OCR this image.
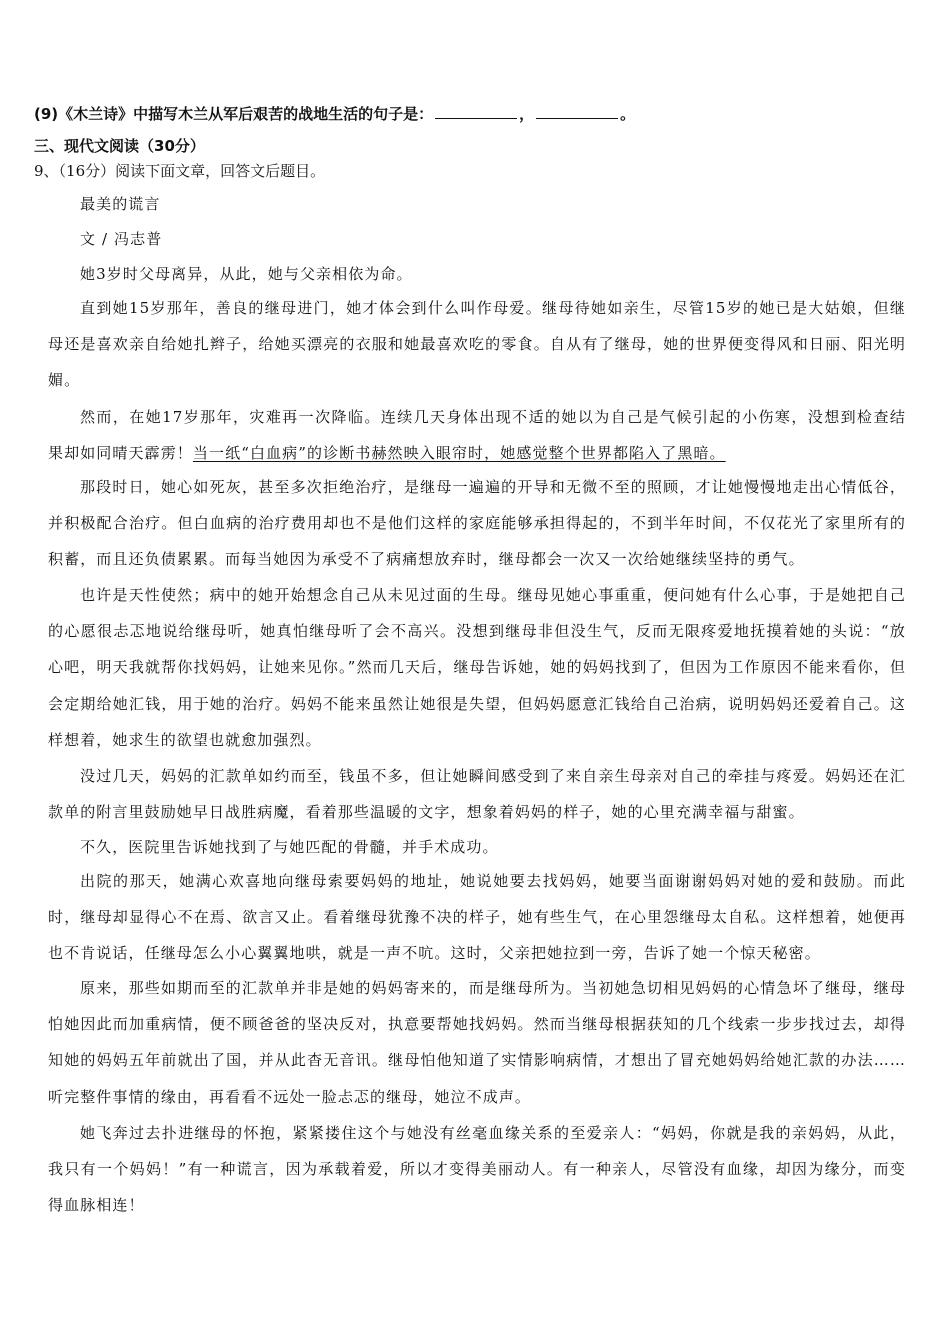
(9)《木兰诗》中描写木兰从军后艰苦的战地生活的句子是：	，	。
三、现代文阅读（30分）
9、（16分）阅读下面文章，回答文后题目。
最美的谎言
文 / 冯志普
她3岁时父母离异，从此，她与父亲相依为命。
直到她15岁那年，善良的继母进门，她才体会到什么叫作母爱。继母待她如亲生，尽管15岁的她已是大姑娘，但继母还是喜欢亲自给她扎辫子，给她买漂亮的衣服和她最喜欢吃的零食。自从有了继母，她的世界便变得风和日丽、阳光明媚。
然而，在她17岁那年，灾难再一次降临。连续几天身体出现不适的她以为自己是气候引起的小伤寒，没想到检查结果却如同晴天霹雳！当一纸“白血病”的诊断书赫然映入眼帘时，她感觉整个世界都陷入了黑暗。
那段时日，她心如死灰，甚至多次拒绝治疗，是继母一遍遍的开导和无微不至的照顾，才让她慢慢地走出心情低谷，并积极配合治疗。但白血病的治疗费用却也不是他们这样的家庭能够承担得起的，不到半年时间，不仅花光了家里所有的积蓄，而且还负债累累。而每当她因为承受不了病痛想放弃时，继母都会一次又一次给她继续坚持的勇气。
也许是天性使然；病中的她开始想念自己从未见过面的生母。继母见她心事重重，便问她有什么心事，于是她把自己的心愿很忐忑地说给继母听，她真怕继母听了会不高兴。没想到继母非但没生气，反而无限疼爱地抚摸着她的头说：“放心吧，明天我就帮你找妈妈，让她来见你。”然而几天后，继母告诉她，她的妈妈找到了，但因为工作原因不能来看你，但会定期给她汇钱，用于她的治疗。妈妈不能来虽然让她很是失望，但妈妈愿意汇钱给自己治病，说明妈妈还爱着自己。这样想着，她求生的欲望也就愈加强烈。
没过几天，妈妈的汇款单如约而至，钱虽不多，但让她瞬间感受到了来自亲生母亲对自己的牵挂与疼爱。妈妈还在汇款单的附言里鼓励她早日战胜病魔，看着那些温暖的文字，想象着妈妈的样子，她的心里充满幸福与甜蜜。
不久，医院里告诉她找到了与她匹配的骨髓，并手术成功。
出院的那天，她满心欢喜地向继母索要妈妈的地址，她说她要去找妈妈，她要当面谢谢妈妈对她的爱和鼓励。而此时，继母却显得心不在焉、欲言又止。看着继母犹豫不决的样子，她有些生气，在心里怨继母太自私。这样想着，她便再也不肯说话，任继母怎么小心翼翼地哄，就是一声不吭。这时，父亲把她拉到一旁，告诉了她一个惊天秘密。
原来，那些如期而至的汇款单并非是她的妈妈寄来的，而是继母所为。当初她急切相见妈妈的心情急坏了继母，继母怕她因此而加重病情，便不顾爸爸的坚决反对，执意要帮她找妈妈。然而当继母根据获知的几个线索一步步找过去，却得知她的妈妈五年前就出了国，并从此杳无音讯。继母怕他知道了实情影响病情，才想出了冒充她妈妈给她汇款的办法……听完整件事情的缘由，再看看不远处一脸忐忑的继母，她泣不成声。
她飞奔过去扑进继母的怀抱，紧紧搂住这个与她没有丝毫血缘关系的至爱亲人：“妈妈，你就是我的亲妈妈，从此，我只有一个妈妈！”有一种谎言，因为承载着爱，所以才变得美丽动人。有一种亲人，尽管没有血缘，却因为缘分，而变得血脉相连！
